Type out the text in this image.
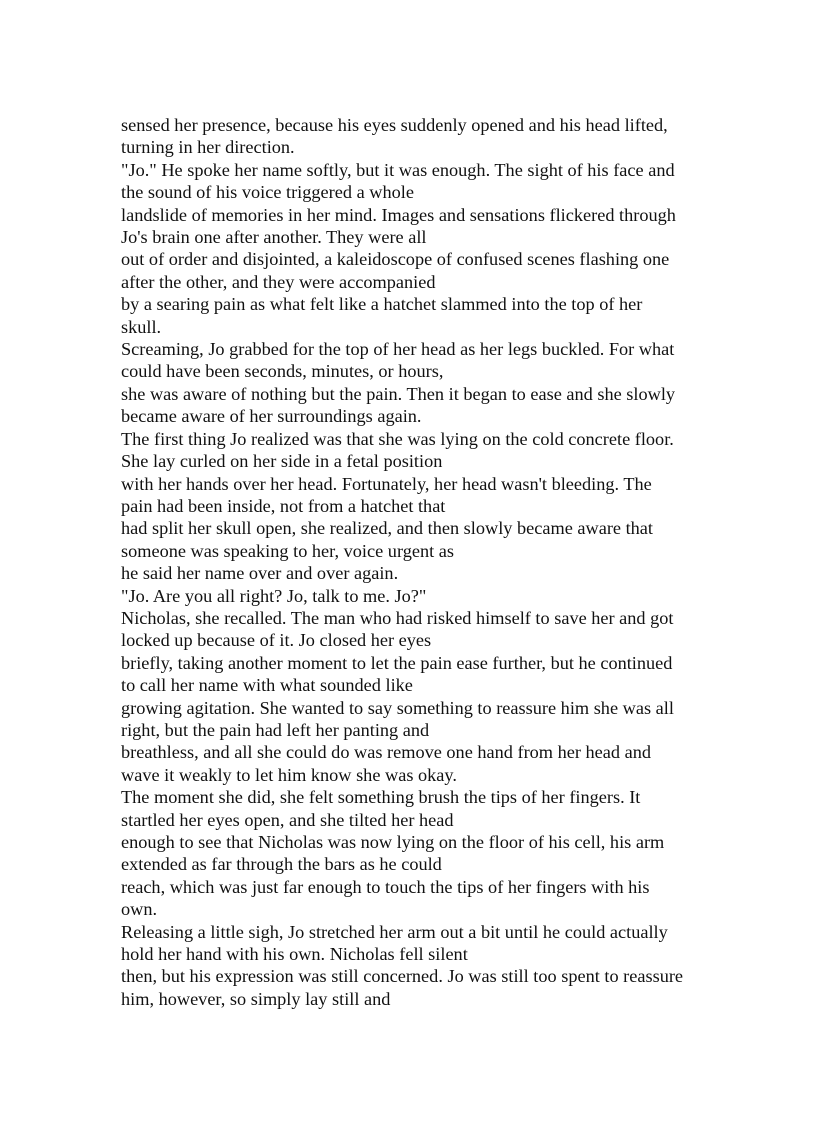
sensed her presence, because his eyes suddenly opened and his head lifted,
turning in her direction.
"Jo." He spoke her name softly, but it was enough. The sight of his face and
the sound of his voice triggered a whole
landslide of memories in her mind. Images and sensations flickered through
Jo's brain one after another. They were all
out of order and disjointed, a kaleidoscope of confused scenes flashing one
after the other, and they were accompanied
by a searing pain as what felt like a hatchet slammed into the top of her
skull.
Screaming, Jo grabbed for the top of her head as her legs buckled. For what
could have been seconds, minutes, or hours,
she was aware of nothing but the pain. Then it began to ease and she slowly
became aware of her surroundings again.
The first thing Jo realized was that she was lying on the cold concrete floor.
She lay curled on her side in a fetal position
with her hands over her head. Fortunately, her head wasn't bleeding. The
pain had been inside, not from a hatchet that
had split her skull open, she realized, and then slowly became aware that
someone was speaking to her, voice urgent as
he said her name over and over again.
"Jo. Are you all right? Jo, talk to me. Jo?"
Nicholas, she recalled. The man who had risked himself to save her and got
locked up because of it. Jo closed her eyes
briefly, taking another moment to let the pain ease further, but he continued
to call her name with what sounded like
growing agitation. She wanted to say something to reassure him she was all
right, but the pain had left her panting and
breathless, and all she could do was remove one hand from her head and
wave it weakly to let him know she was okay.
The moment she did, she felt something brush the tips of her fingers. It
startled her eyes open, and she tilted her head
enough to see that Nicholas was now lying on the floor of his cell, his arm
extended as far through the bars as he could
reach, which was just far enough to touch the tips of her fingers with his
own.
Releasing a little sigh, Jo stretched her arm out a bit until he could actually
hold her hand with his own. Nicholas fell silent
then, but his expression was still concerned. Jo was still too spent to reassure
him, however, so simply lay still and
